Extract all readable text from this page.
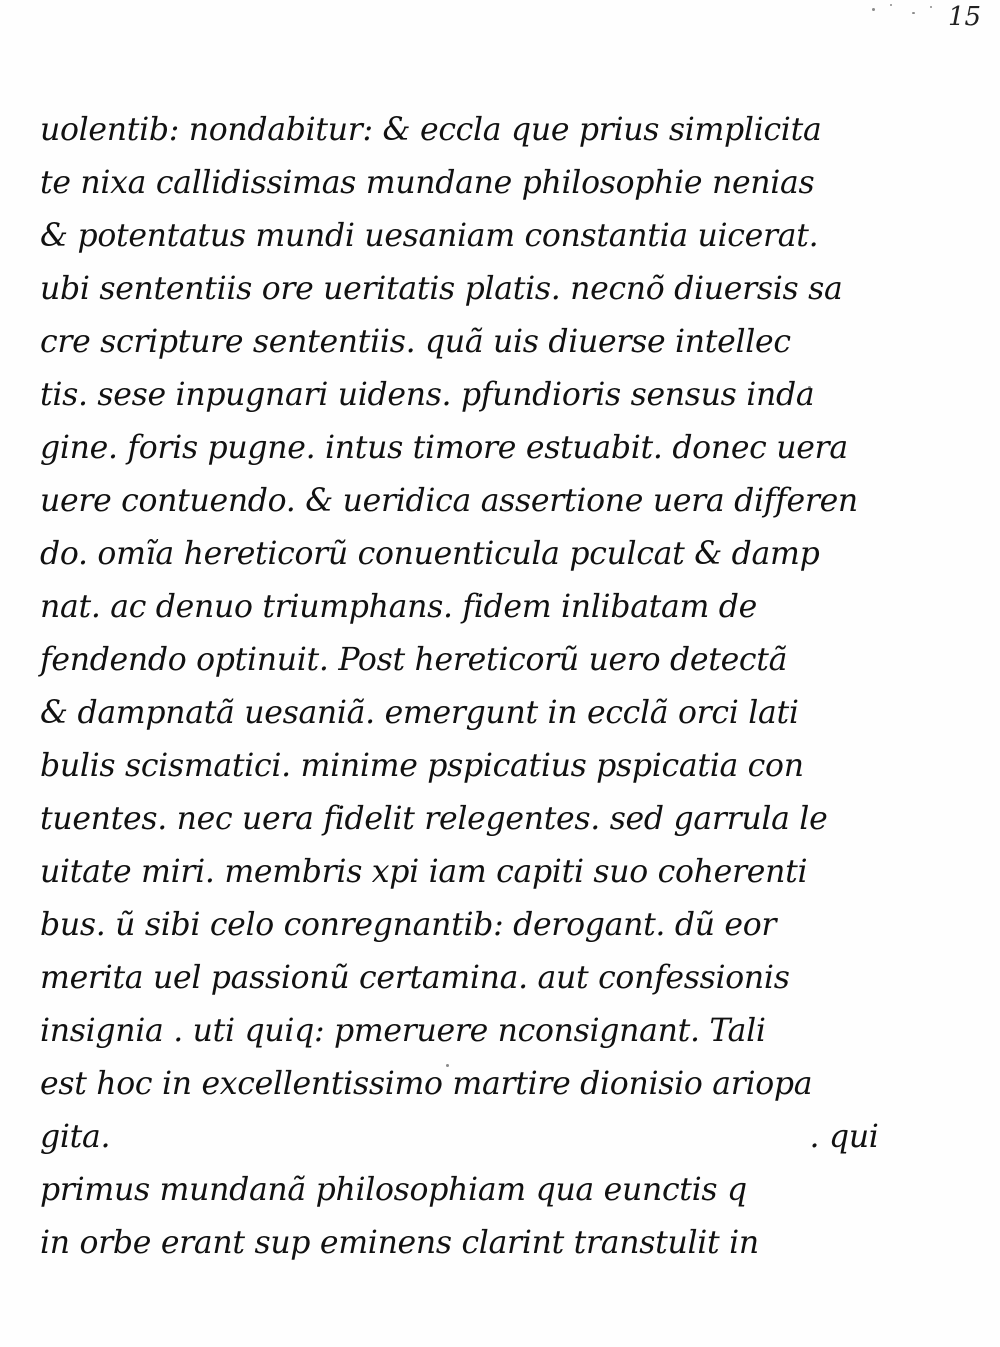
15
uolentib: nondabitur: & eccla que prius simplicita
te nixa callidissimas mundane philosophie nenias
& potentatus mundi uesaniam constantia uicerat.
ubi sententiis ore ueritatis platis. necnõ diuersis sa
cre scripture sententiis. quã uis diuerse intellec
tis. sese inpugnari uidens. pfundioris sensus inda
gine. foris pugne. intus timore estuabit. donec uera
uere contuendo. & ueridica assertione uera differen
do. omĩa hereticorũ conuenticula pculcat & damp
nat. ac denuo triumphans. fidem inlibatam de
fendendo optinuit. Post hereticorũ uero detectã
& dampnatã uesaniã. emergunt in ecclã orci lati
bulis scismatici. minime pspicatius pspicatia con
tuentes. nec uera fidelit relegentes. sed garrula le
uitate miri. membris xpi iam capiti suo coherenti
bus. ũ sibi celo conregnantib: derogant. dũ eor
merita uel passionũ certamina. aut confessionis
insignia . uti quiq: pmeruere nconsignant. Tali
est hoc in excellentissimo martire dionisio ariopa
gita.                                                                        . qui
primus mundanã philosophiam qua eunctis q
in orbe erant sup eminens clarint transtulit in
